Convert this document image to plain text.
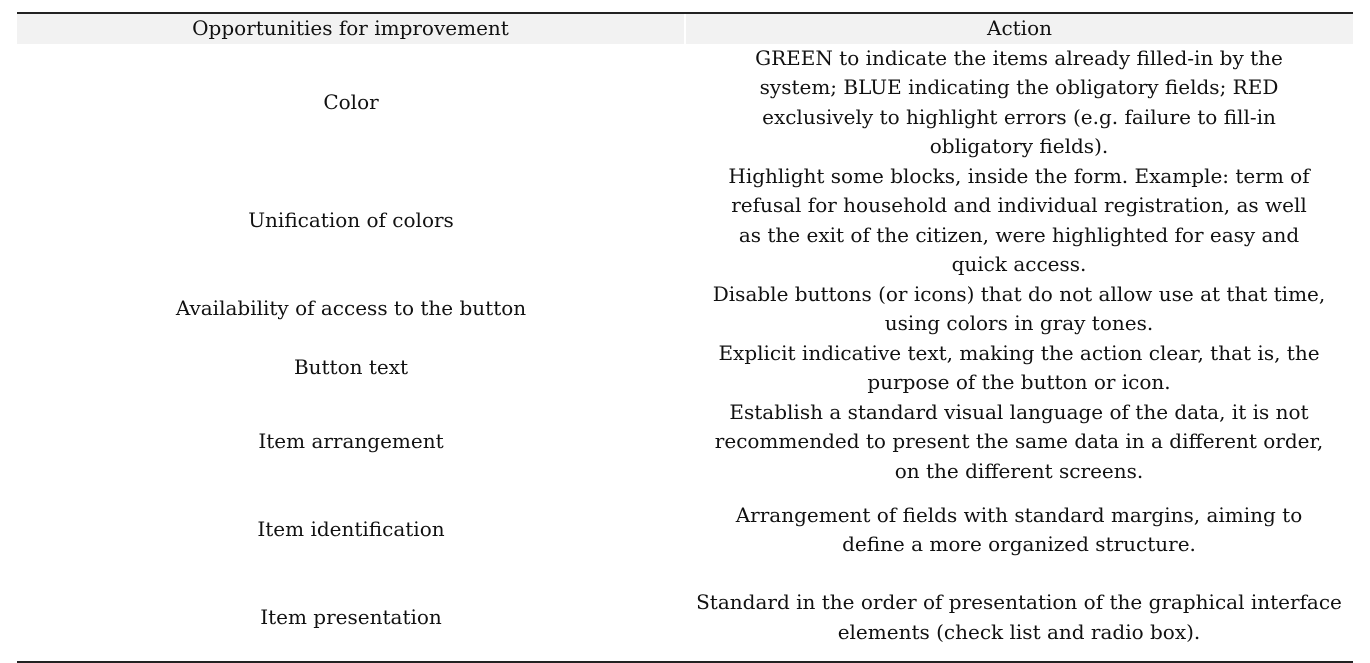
Opportunities for improvement	Action
Color	GREEN to indicate the items already filled-in by the system; BLUE indicating the obligatory fields; RED exclusively to highlight errors (e.g. failure to fill-in obligatory fields).
Unification of colors	Highlight some blocks, inside the form. Example: term of refusal for household and individual registration, as well as the exit of the citizen, were highlighted for easy and quick access.
Availability of access to the button	Disable buttons (or icons) that do not allow use at that time, using colors in gray tones.
Button text	Explicit indicative text, making the action clear, that is, the purpose of the button or icon.
Item arrangement	Establish a standard visual language of the data, it is not recommended to present the same data in a different order, on the different screens.
Item identification	Arrangement of fields with standard margins, aiming to define a more organized structure.
Item presentation	Standard in the order of presentation of the graphical interface elements (check list and radio box).
